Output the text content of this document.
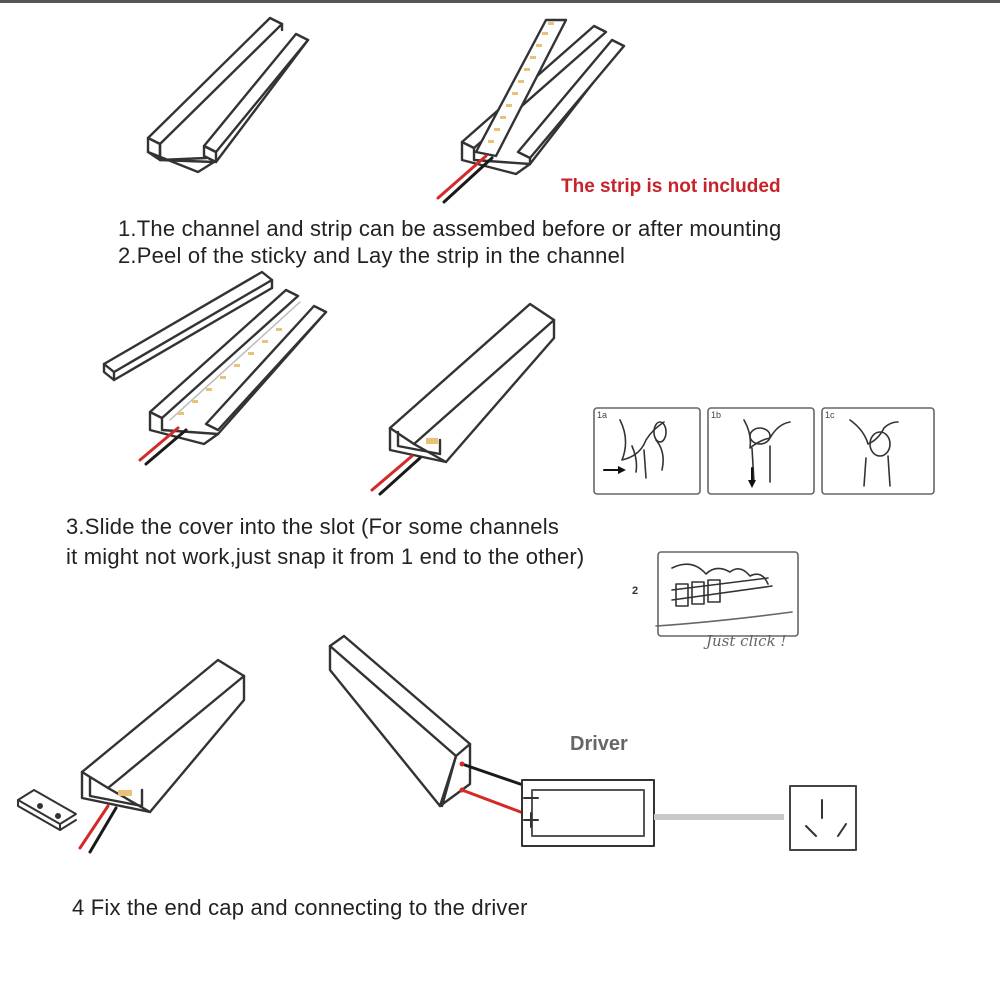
The strip is not included
1.The channel and strip can be assembed before or after mounting
2.Peel of the sticky and Lay the strip in the channel
3.Slide the cover into the slot (For some channels
it might not work,just snap it from 1 end to the other)
4 Fix the end cap and connecting to the driver
1a	1b	1c
2
Just click !
Driver
